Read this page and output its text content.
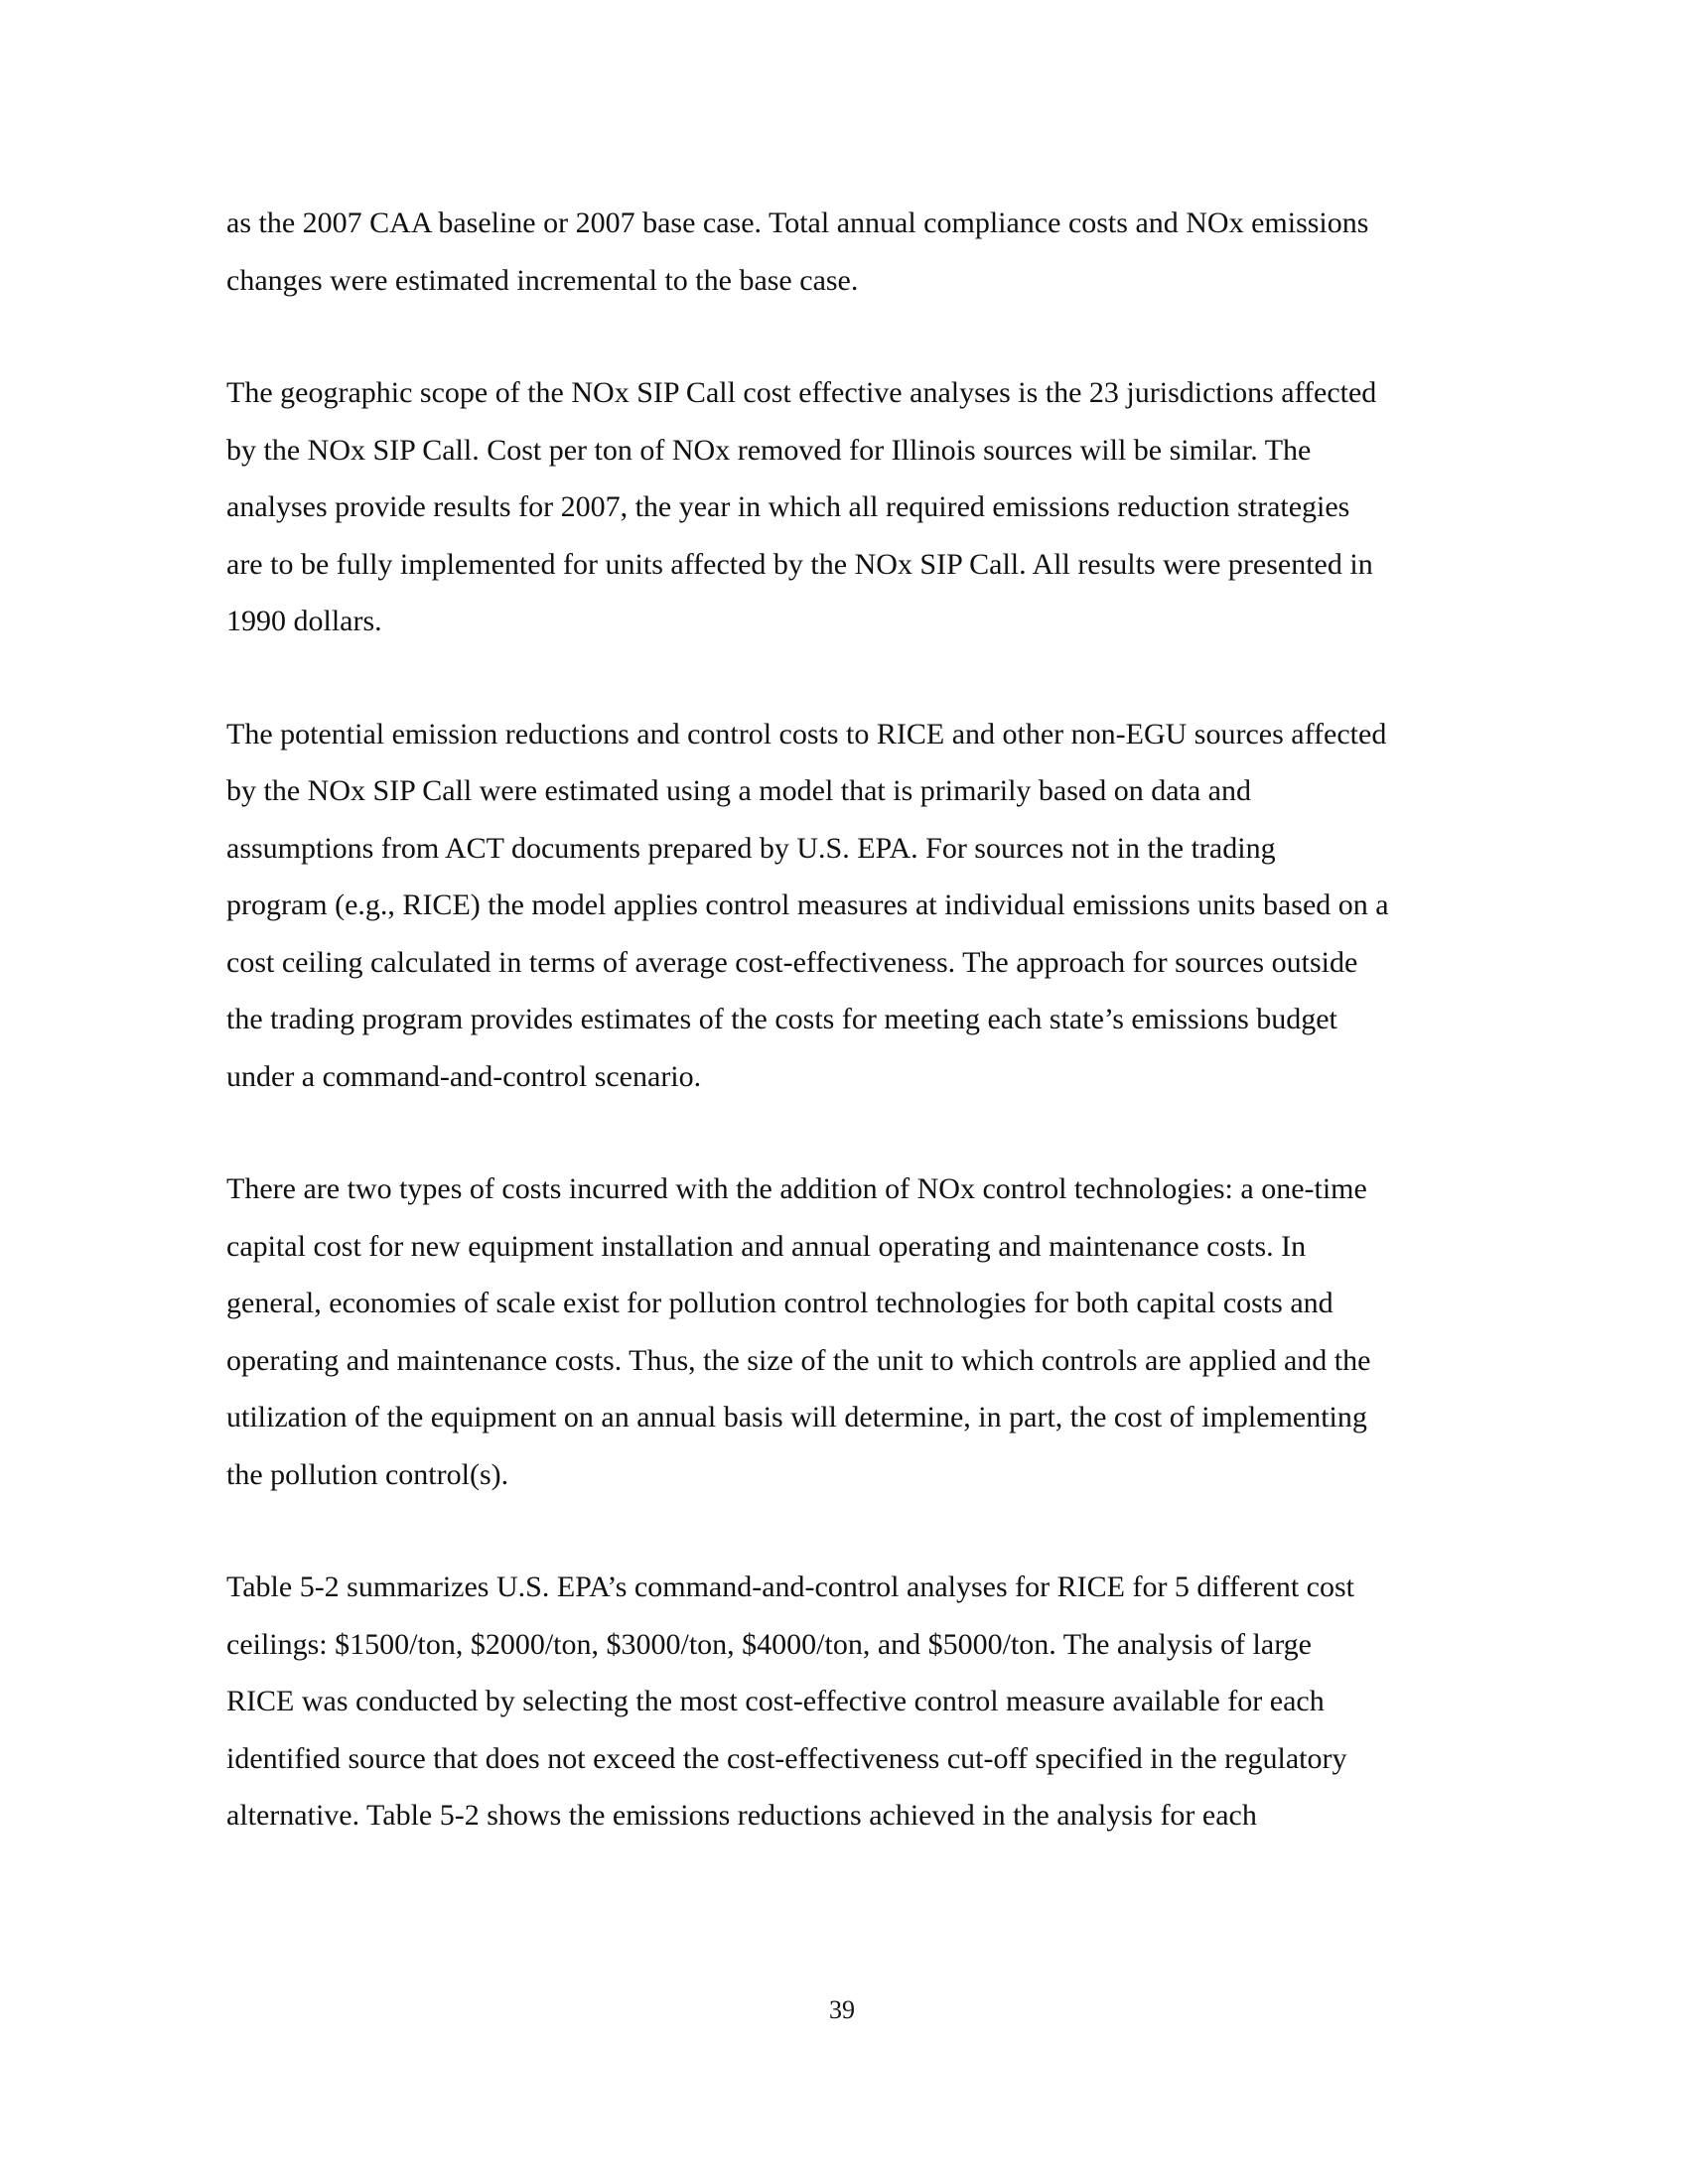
as the 2007 CAA baseline or 2007 base case. Total annual compliance costs and NOx emissions
changes were estimated incremental to the base case.

The geographic scope of the NOx SIP Call cost effective analyses is the 23 jurisdictions affected
by the NOx SIP Call. Cost per ton of NOx removed for Illinois sources will be similar. The
analyses provide results for 2007, the year in which all required emissions reduction strategies
are to be fully implemented for units affected by the NOx SIP Call. All results were presented in
1990 dollars.

The potential emission reductions and control costs to RICE and other non-EGU sources affected
by the NOx SIP Call were estimated using a model that is primarily based on data and
assumptions from ACT documents prepared by U.S. EPA. For sources not in the trading
program (e.g., RICE) the model applies control measures at individual emissions units based on a
cost ceiling calculated in terms of average cost-effectiveness. The approach for sources outside
the trading program provides estimates of the costs for meeting each state’s emissions budget
under a command-and-control scenario.

There are two types of costs incurred with the addition of NOx control technologies: a one-time
capital cost for new equipment installation and annual operating and maintenance costs. In
general, economies of scale exist for pollution control technologies for both capital costs and
operating and maintenance costs. Thus, the size of the unit to which controls are applied and the
utilization of the equipment on an annual basis will determine, in part, the cost of implementing
the pollution control(s).

Table 5-2 summarizes U.S. EPA’s command-and-control analyses for RICE for 5 different cost
ceilings: $1500/ton, $2000/ton, $3000/ton, $4000/ton, and $5000/ton. The analysis of large
RICE was conducted by selecting the most cost-effective control measure available for each
identified source that does not exceed the cost-effectiveness cut-off specified in the regulatory
alternative. Table 5-2 shows the emissions reductions achieved in the analysis for each

39
